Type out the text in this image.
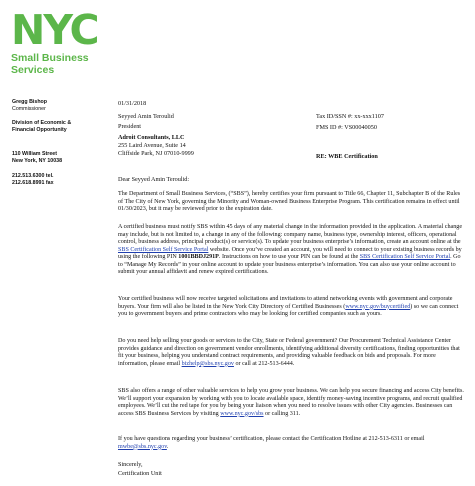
NYC
Small Business
Services
Gregg Bishop
Commissioner
Division of Economic &
Financial Opportunity
110 William Street
New York, NY 10038
212.513.6300 tel.
212.618.8991 fax
01/31/2018
Seyyed Amin Teroulid
President
Adroit Consultants, LLC
255 Laird Avenue, Suite 14
Cliffside Park, NJ 07010-9999
Tax ID/SSN #: xx-xxx1107
FMS ID #: VS00040050
RE: WBE Certification
Dear Seyyed Amin Teroulid:
The Department of Small Business Services, (“SBS”), hereby certifies your firm pursuant to Title 66, Chapter 11, Subchapter B of the Rules of The City of New York, governing the Minority and Woman-owned Business Enterprise Program. This certification remains in effect until 01/30/2023, but it may be reviewed prior to the expiration date.
A certified business must notify SBS within 45 days of any material change in the information provided in the application. A material change may include, but is not limited to, a change in any of the following: company name, business type, ownership interest, officers, operational control, business address, principal product(s) or service(s). To update your business enterprise’s information, create an account online at the SBS Certification Self Service Portal website. Once you’ve created an account, you will need to connect to your existing business records by using the following PIN 1001BBDJ291P. Instructions on how to use your PIN can be found at the SBS Certification Self Service Portal. Go to “Manage My Records” in your online account to update your business enterprise’s information. You can also use your online account to submit your annual affidavit and renew expired certifications.
Your certified business will now receive targeted solicitations and invitations to attend networking events with government and corporate buyers. Your firm will also be listed in the New York City Directory of Certified Businesses (www.nyc.gov/buycertified) so we can connect you to government buyers and prime contractors who may be looking for certified companies such as yours.
Do you need help selling your goods or services to the City, State or Federal government? Our Procurement Technical Assistance Center provides guidance and direction on government vendor enrollments, identifying additional diversity certifications, finding opportunities that fit your business, helping you understand contract requirements, and providing valuable feedback on bids and proposals. For more information, please email bizhelp@sbs.nyc.gov or call at 212-513-6444.
SBS also offers a range of other valuable services to help you grow your business. We can help you secure financing and access City benefits. We’ll support your expansion by working with you to locate available space, identify money-saving incentive programs, and recruit qualified employees. We’ll cut the red tape for you by being your liaison when you need to resolve issues with other City agencies. Businesses can access SBS Business Services by visiting www.nyc.gov/sbs or calling 311.
If you have questions regarding your business’ certification, please contact the Certification Hotline at 212-513-6311 or email mwbe@sbs.nyc.gov.
Sincerely,
Certification Unit
